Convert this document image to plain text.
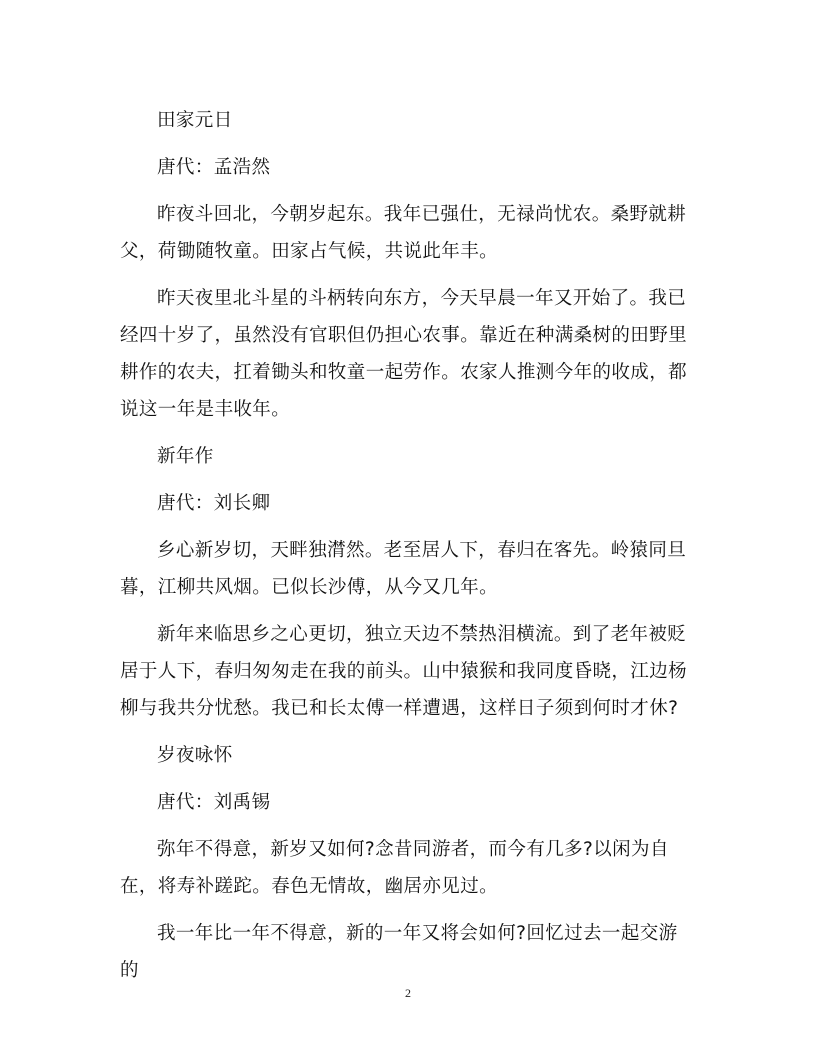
田家元日

唐代：孟浩然

昨夜斗回北，今朝岁起东。我年已强仕，无禄尚忧农。桑野就耕父，荷锄随牧童。田家占气候，共说此年丰。

昨天夜里北斗星的斗柄转向东方，今天早晨一年又开始了。我已经四十岁了，虽然没有官职但仍担心农事。靠近在种满桑树的田野里耕作的农夫，扛着锄头和牧童一起劳作。农家人推测今年的收成，都说这一年是丰收年。

新年作

唐代：刘长卿

乡心新岁切，天畔独潸然。老至居人下，春归在客先。岭猿同旦暮，江柳共风烟。已似长沙傅，从今又几年。

新年来临思乡之心更切，独立天边不禁热泪横流。到了老年被贬居于人下，春归匆匆走在我的前头。山中猿猴和我同度昏晓，江边杨柳与我共分忧愁。我已和长太傅一样遭遇，这样日子须到何时才休?

岁夜咏怀

唐代：刘禹锡

弥年不得意，新岁又如何?念昔同游者，而今有几多?以闲为自在，将寿补蹉跎。春色无情故，幽居亦见过。

我一年比一年不得意，新的一年又将会如何?回忆过去一起交游的

2
